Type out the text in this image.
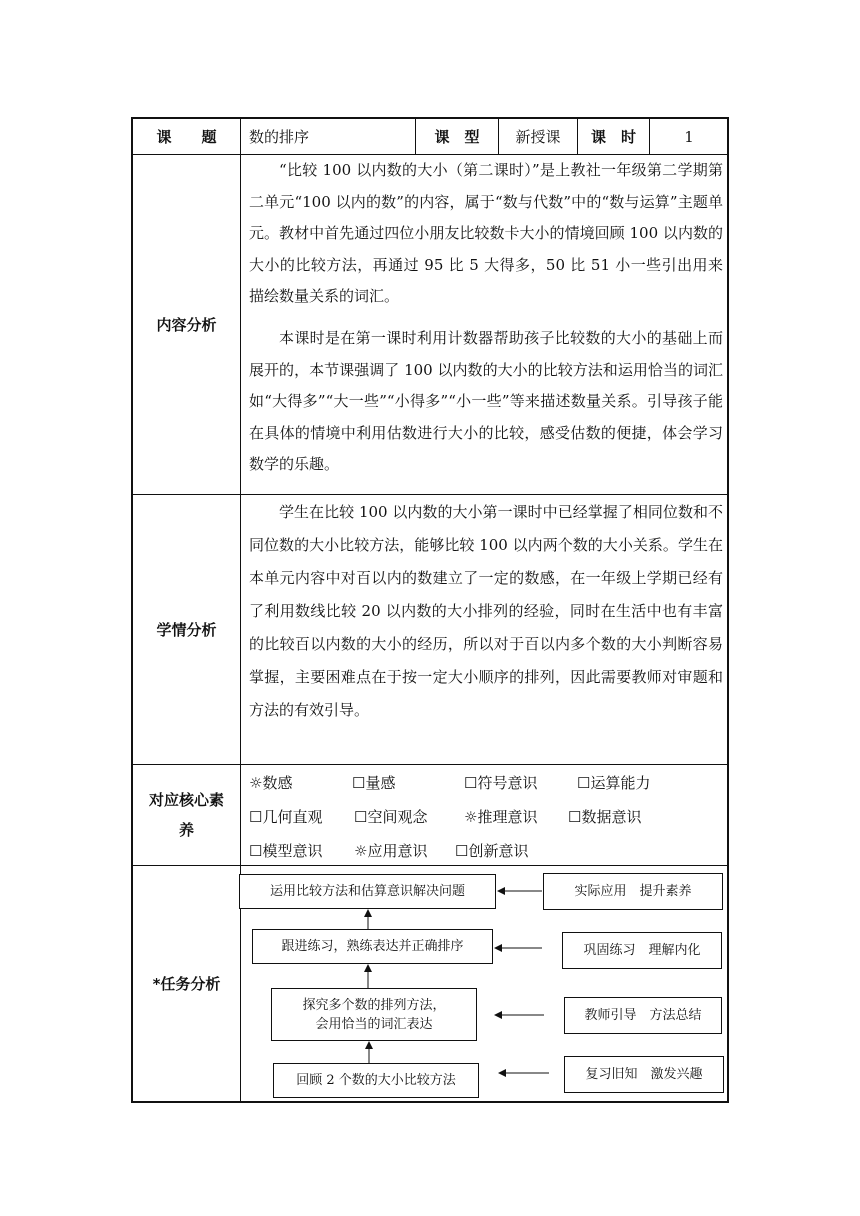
课　　题	数的排序	课　型	新授课	课　时	1
内容分析

“比较 100 以内数的大小（第二课时）”是上教社一年级第二学期第二单元“100 以内的数”的内容，属于“数与代数”中的“数与运算”主题单元。教材中首先通过四位小朋友比较数卡大小的情境回顾 100 以内数的大小的比较方法，再通过 95 比 5 大得多，50 比 51 小一些引出用来描绘数量关系的词汇。

本课时是在第一课时利用计数器帮助孩子比较数的大小的基础上而展开的，本节课强调了 100 以内数的大小的比较方法和运用恰当的词汇如“大得多”“大一些”“小得多”“小一些”等来描述数量关系。引导孩子能在具体的情境中利用估数进行大小的比较，感受估数的便捷，体会学习数学的乐趣。

学情分析

学生在比较 100 以内数的大小第一课时中已经掌握了相同位数和不同位数的大小比较方法，能够比较 100 以内两个数的大小关系。学生在本单元内容中对百以内的数建立了一定的数感，在一年级上学期已经有了利用数线比较 20 以内数的大小排列的经验，同时在生活中也有丰富的比较百以内数的大小的经历，所以对于百以内多个数的大小判断容易掌握，主要困难点在于按一定大小顺序的排列，因此需要教师对审题和方法的有效引导。

对应核心素
养
☼数感	☐量感	☐符号意识	☐运算能力
☐几何直观 ☐空间观念 ☼推理意识 ☐数据意识
☐模型意识 ☼应用意识 ☐创新意识
*任务分析
运用比较方法和估算意识解决问题
跟进练习，熟练表达并正确排序
探究多个数的排列方法，
会用恰当的词汇表达
回顾 2 个数的大小比较方法
实际应用　提升素养
巩固练习　理解内化
教师引导　方法总结
复习旧知　激发兴趣
